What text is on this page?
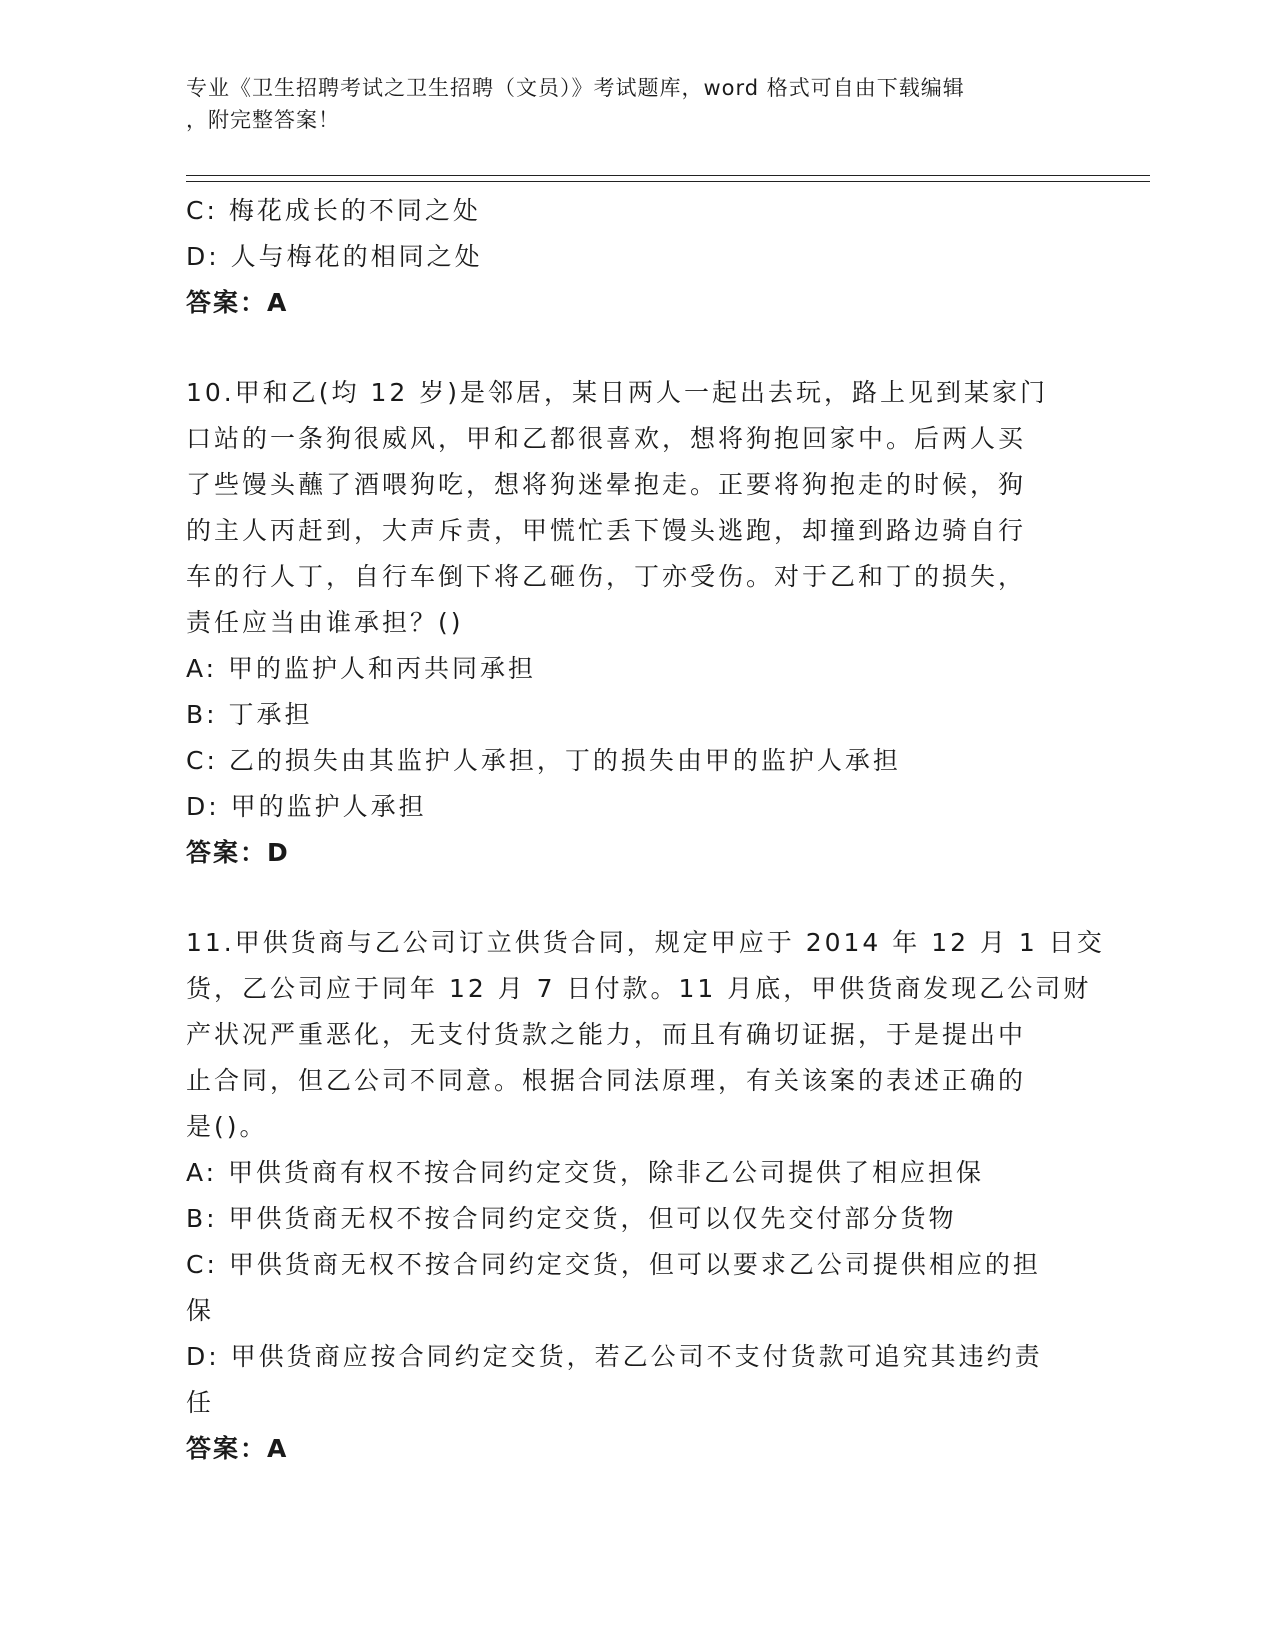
专业《卫生招聘考试之卫生招聘（文员）》考试题库，word 格式可自由下载编辑
，附完整答案！
C: 梅花成长的不同之处
D: 人与梅花的相同之处
答案：A
10.甲和乙(均 12 岁)是邻居，某日两人一起出去玩，路上见到某家门
口站的一条狗很威风，甲和乙都很喜欢，想将狗抱回家中。后两人买
了些馒头蘸了酒喂狗吃，想将狗迷晕抱走。正要将狗抱走的时候，狗
的主人丙赶到，大声斥责，甲慌忙丢下馒头逃跑，却撞到路边骑自行
车的行人丁，自行车倒下将乙砸伤，丁亦受伤。对于乙和丁的损失，
责任应当由谁承担？()
A: 甲的监护人和丙共同承担
B: 丁承担
C: 乙的损失由其监护人承担，丁的损失由甲的监护人承担
D: 甲的监护人承担
答案：D
11.甲供货商与乙公司订立供货合同，规定甲应于 2014 年 12 月 1 日交
货，乙公司应于同年 12 月 7 日付款。11 月底，甲供货商发现乙公司财
产状况严重恶化，无支付货款之能力，而且有确切证据，于是提出中
止合同，但乙公司不同意。根据合同法原理，有关该案的表述正确的
是()。
A: 甲供货商有权不按合同约定交货，除非乙公司提供了相应担保
B: 甲供货商无权不按合同约定交货，但可以仅先交付部分货物
C: 甲供货商无权不按合同约定交货，但可以要求乙公司提供相应的担
保
D: 甲供货商应按合同约定交货，若乙公司不支付货款可追究其违约责
任
答案：A
